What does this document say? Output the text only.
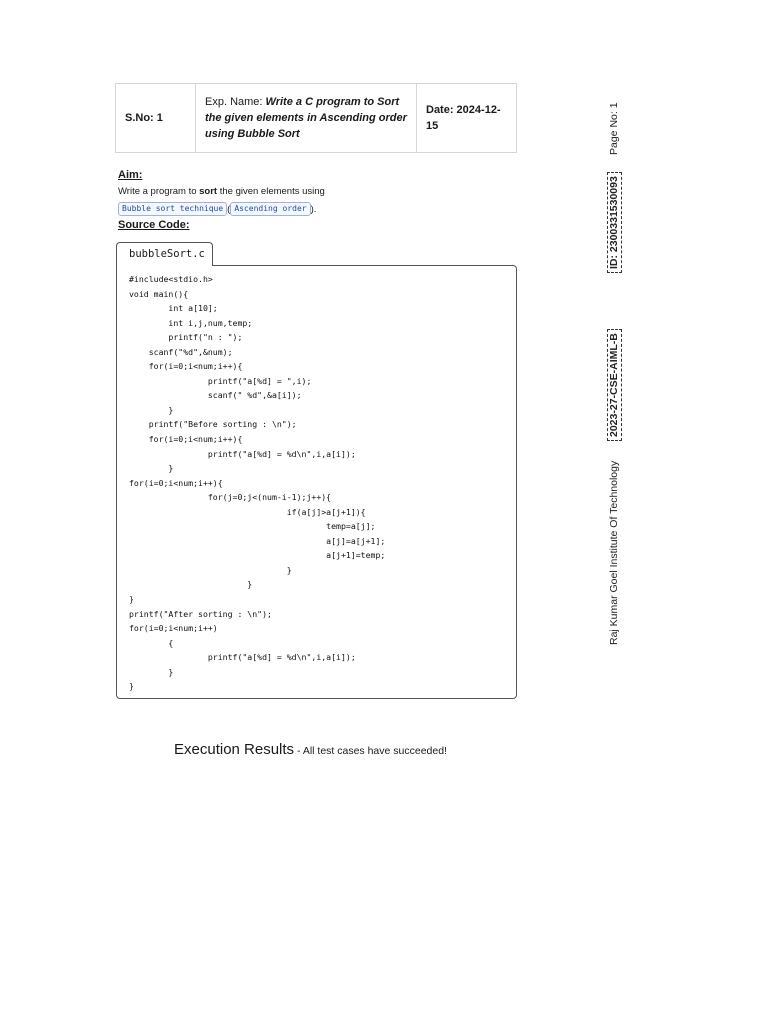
S.No: 1
Exp. Name: Write a C program to Sort the given elements in Ascending order using Bubble Sort
Date: 2024-12-15
Aim:
Write a program to sort the given elements using
Bubble sort technique ( Ascending order ).
Source Code:
bubbleSort.c
#include<stdio.h>
void main(){
int a[10];
int i,j,num,temp;
printf("n : ");
scanf("%d",&num);
for(i=0;i<num;i++){
printf("a[%d] = ",i);
scanf(" %d",&a[i]);
}
printf("Before sorting : \n");
for(i=0;i<num;i++){
printf("a[%d] = %d\n",i,a[i]);
}
for(i=0;i<num;i++){
for(j=0;j<(num-i-1);j++){
if(a[j]>a[j+1]){
temp=a[j];
a[j]=a[j+1];
a[j+1]=temp;
}
}
}
printf("After sorting : \n");
for(i=0;i<num;i++)
{
printf("a[%d] = %d\n",i,a[i]);
}
}
Execution Results - All test cases have succeeded!
Raj Kumar Goel Institute Of Technology
2023-27-CSE-AIML-B
ID: 2300331530093
Page No: 1
